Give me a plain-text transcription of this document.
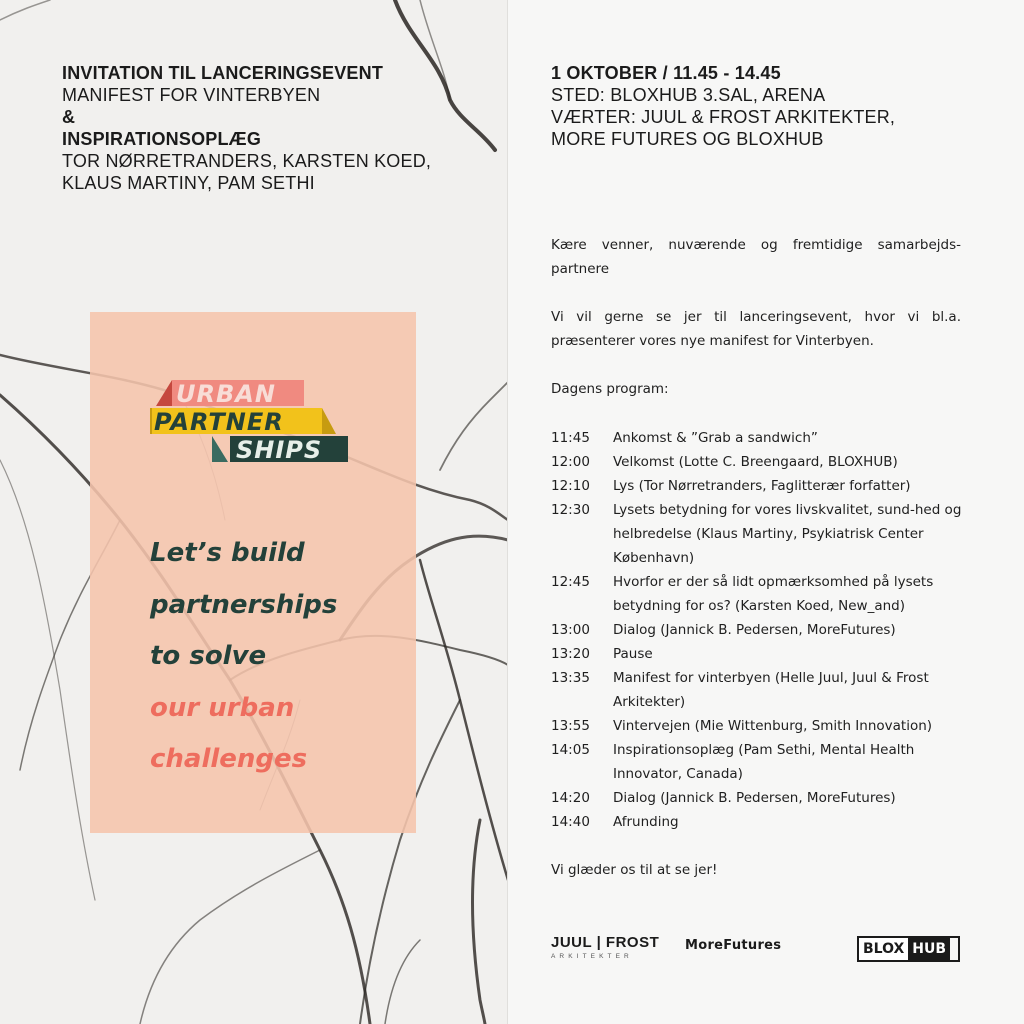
INVITATION TIL LANCERINGSEVENT
MANIFEST FOR VINTERBYEN
&
INSPIRATIONSOPLÆG
TOR NØRRETRANDERS, KARSTEN KOED,
KLAUS MARTINY, PAM SETHI
URBAN
PARTNER
SHIPS
Let’s build
partnerships
to solve
our urban
challenges
1 OKTOBER / 11.45 - 14.45
STED: BLOXHUB 3.SAL, ARENA
VÆRTER: JUUL & FROST ARKITEKTER,
MORE FUTURES OG BLOXHUB
Kære venner, nuværende og fremtidige samarbejds-partnere
Vi vil gerne se jer til lanceringsevent, hvor vi bl.a. præsenterer vores nye manifest for Vinterbyen.
Dagens program:
11:45	Ankomst & ”Grab a sandwich”
12:00	Velkomst (Lotte C. Breengaard, BLOXHUB)
12:10	Lys (Tor Nørretranders, Faglitterær forfatter)
12:30	Lysets betydning for vores livskvalitet, sund-hed og helbredelse (Klaus Martiny, Psykiatrisk Center København)
12:45	Hvorfor er der så lidt opmærksomhed på lysets betydning for os? (Karsten Koed, New_and)
13:00	Dialog (Jannick B. Pedersen, MoreFutures)
13:20	Pause
13:35	Manifest for vinterbyen (Helle Juul, Juul & Frost Arkitekter)
13:55	Vintervejen (Mie Wittenburg, Smith Innovation)
14:05	Inspirationsoplæg (Pam Sethi, Mental Health Innovator, Canada)
14:20	Dialog (Jannick B. Pedersen, MoreFutures)
14:40	Afrunding
Vi glæder os til at se jer!
JUUL | FROST
ARKITEKTER
MoreFutures	BLOX HUB
